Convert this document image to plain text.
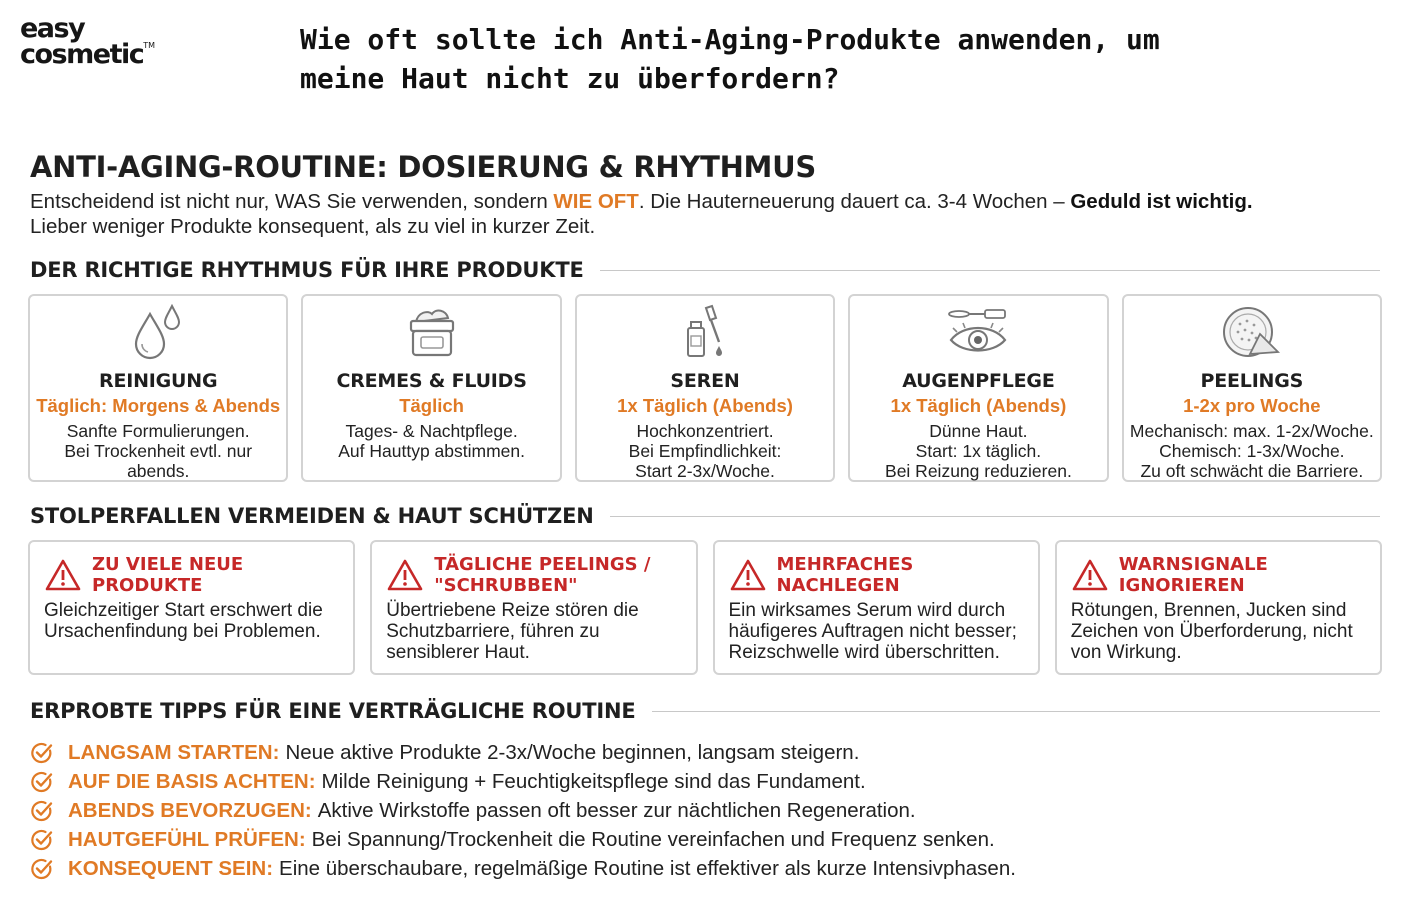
easy
cosmetic™	Wie oft sollte ich Anti-Aging-Produkte anwenden, um meine Haut nicht zu überfordern?
ANTI-AGING-ROUTINE: DOSIERUNG & RHYTHMUS
Entscheidend ist nicht nur, WAS Sie verwenden, sondern WIE OFT. Die Hauterneuerung dauert ca. 3-4 Wochen – Geduld ist wichtig.
Lieber weniger Produkte konsequent, als zu viel in kurzer Zeit.
DER RICHTIGE RHYTHMUS FÜR IHRE PRODUKTE
REINIGUNG
Täglich: Morgens & Abends
Sanfte Formulierungen.
Bei Trockenheit evtl. nur
abends.
CREMES & FLUIDS
Täglich
Tages- & Nachtpflege.
Auf Hauttyp abstimmen.
SEREN
1x Täglich (Abends)
Hochkonzentriert.
Bei Empfindlichkeit:
Start 2-3x/Woche.
AUGENPFLEGE
1x Täglich (Abends)
Dünne Haut.
Start: 1x täglich.
Bei Reizung reduzieren.
PEELINGS
1-2x pro Woche
Mechanisch: max. 1-2x/Woche.
Chemisch: 1-3x/Woche.
Zu oft schwächt die Barriere.
STOLPERFALLEN VERMEIDEN & HAUT SCHÜTZEN
ZU VIELE NEUE PRODUKTE
Gleichzeitiger Start erschwert die Ursachenfindung bei Problemen.
TÄGLICHE PEELINGS / "SCHRUBBEN"
Übertriebene Reize stören die Schutzbarriere, führen zu sensiblerer Haut.
MEHRFACHES NACHLEGEN
Ein wirksames Serum wird durch häufigeres Auftragen nicht besser; Reizschwelle wird überschritten.
WARNSIGNALE IGNORIEREN
Rötungen, Brennen, Jucken sind Zeichen von Überforderung, nicht von Wirkung.
ERPROBTE TIPPS FÜR EINE VERTRÄGLICHE ROUTINE
LANGSAM STARTEN: Neue aktive Produkte 2-3x/Woche beginnen, langsam steigern.
AUF DIE BASIS ACHTEN: Milde Reinigung + Feuchtigkeitspflege sind das Fundament.
ABENDS BEVORZUGEN: Aktive Wirkstoffe passen oft besser zur nächtlichen Regeneration.
HAUTGEFÜHL PRÜFEN: Bei Spannung/Trockenheit die Routine vereinfachen und Frequenz senken.
KONSEQUENT SEIN: Eine überschaubare, regelmäßige Routine ist effektiver als kurze Intensivphasen.
